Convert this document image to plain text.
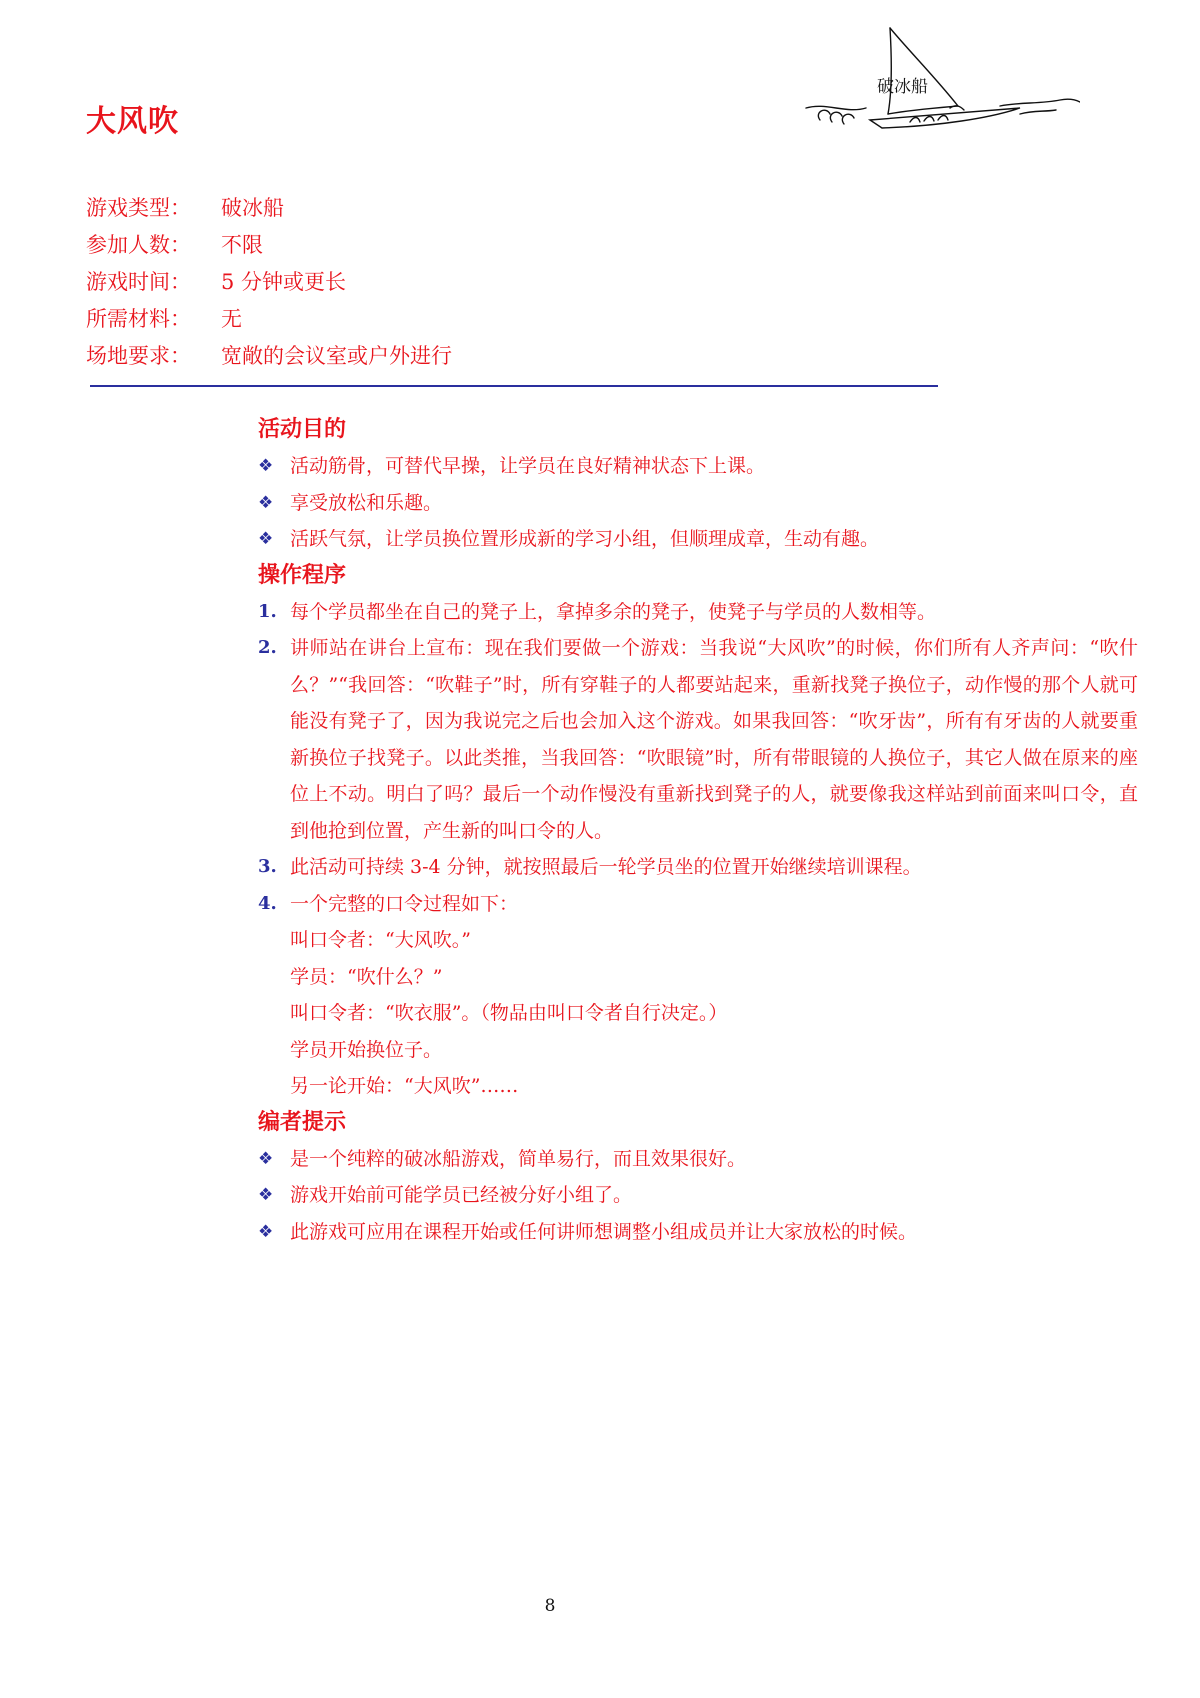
大风吹
破冰船
游戏类型：	破冰船
参加人数：	不限
游戏时间：	5 分钟或更长
所需材料：	无
场地要求：	宽敞的会议室或户外进行
活动目的
❖ 活动筋骨，可替代早操，让学员在良好精神状态下上课。
❖ 享受放松和乐趣。
❖ 活跃气氛，让学员换位置形成新的学习小组，但顺理成章，生动有趣。
操作程序
1. 每个学员都坐在自己的凳子上，拿掉多余的凳子，使凳子与学员的人数相等。
2. 讲师站在讲台上宣布：现在我们要做一个游戏：当我说“大风吹”的时候，你们所有人齐声问：“吹什么？”“我回答：“吹鞋子”时，所有穿鞋子的人都要站起来，重新找凳子换位子，动作慢的那个人就可能没有凳子了，因为我说完之后也会加入这个游戏。如果我回答：“吹牙齿”，所有有牙齿的人就要重新换位子找凳子。以此类推，当我回答：“吹眼镜”时，所有带眼镜的人换位子，其它人做在原来的座位上不动。明白了吗？最后一个动作慢没有重新找到凳子的人，就要像我这样站到前面来叫口令，直到他抢到位置，产生新的叫口令的人。
3. 此活动可持续 3-4 分钟，就按照最后一轮学员坐的位置开始继续培训课程。
4. 一个完整的口令过程如下：
叫口令者：“大风吹。”
学员：“吹什么？”
叫口令者：“吹衣服”。（物品由叫口令者自行决定。）
学员开始换位子。
另一论开始：“大风吹”……
编者提示
❖ 是一个纯粹的破冰船游戏，简单易行，而且效果很好。
❖ 游戏开始前可能学员已经被分好小组了。
❖ 此游戏可应用在课程开始或任何讲师想调整小组成员并让大家放松的时候。
8
